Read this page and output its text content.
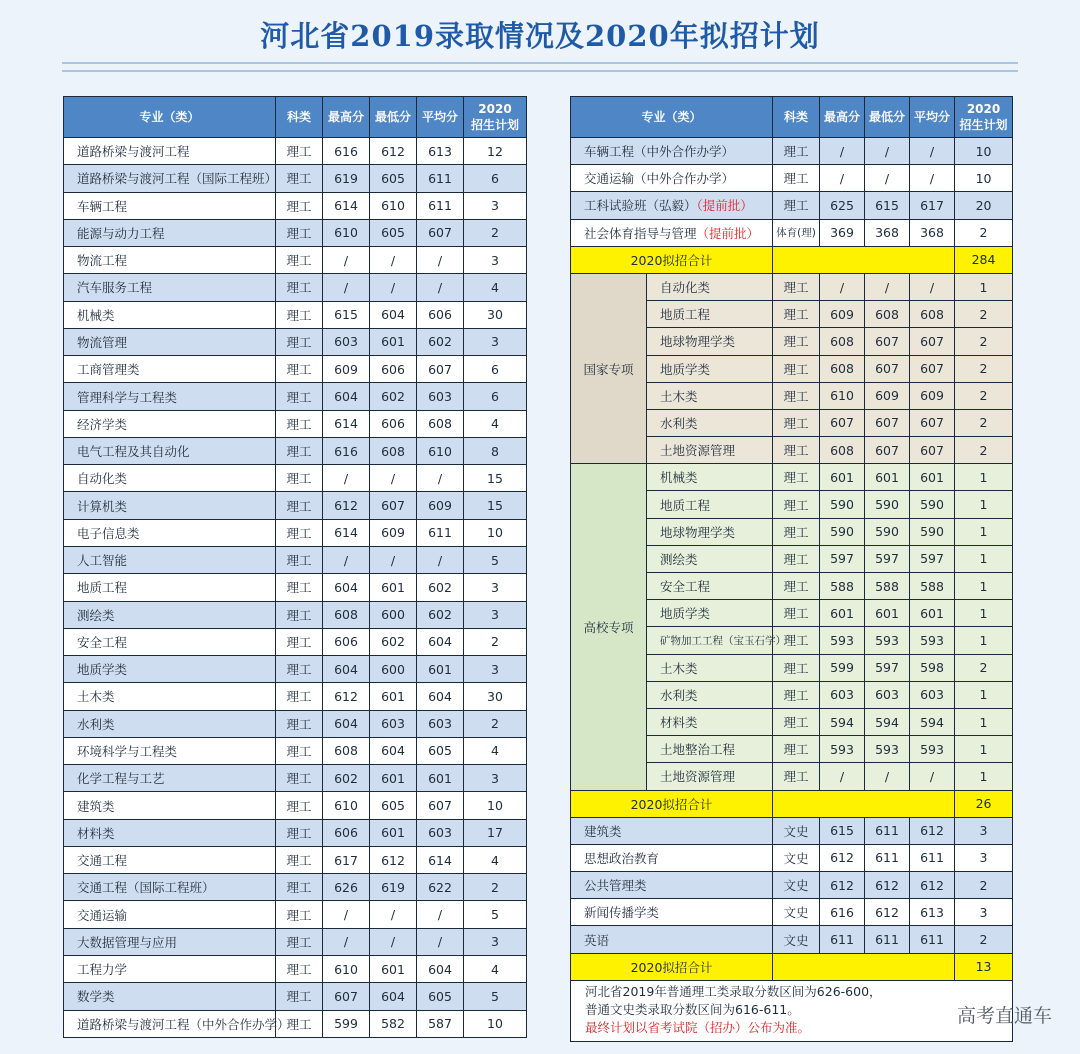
河北省2019录取情况及2020年拟招计划
专业（类）	科类	最高分	最低分	平均分	2020
招生计划
道路桥梁与渡河工程	理工	616	612	613	12
道路桥梁与渡河工程（国际工程班）	理工	619	605	611	6
车辆工程	理工	614	610	611	3
能源与动力工程	理工	610	605	607	2
物流工程	理工	/	/	/	3
汽车服务工程	理工	/	/	/	4
机械类	理工	615	604	606	30
物流管理	理工	603	601	602	3
工商管理类	理工	609	606	607	6
管理科学与工程类	理工	604	602	603	6
经济学类	理工	614	606	608	4
电气工程及其自动化	理工	616	608	610	8
自动化类	理工	/	/	/	15
计算机类	理工	612	607	609	15
电子信息类	理工	614	609	611	10
人工智能	理工	/	/	/	5
地质工程	理工	604	601	602	3
测绘类	理工	608	600	602	3
安全工程	理工	606	602	604	2
地质学类	理工	604	600	601	3
土木类	理工	612	601	604	30
水利类	理工	604	603	603	2
环境科学与工程类	理工	608	604	605	4
化学工程与工艺	理工	602	601	601	3
建筑类	理工	610	605	607	10
材料类	理工	606	601	603	17
交通工程	理工	617	612	614	4
交通工程（国际工程班）	理工	626	619	622	2
交通运输	理工	/	/	/	5
大数据管理与应用	理工	/	/	/	3
工程力学	理工	610	601	604	4
数学类	理工	607	604	605	5
道路桥梁与渡河工程（中外合作办学）	理工	599	582	587	10
专业（类）		科类	最高分	最低分	平均分	2020
招生计划
车辆工程（中外合作办学）		理工	/	/	/	10
交通运输（中外合作办学）		理工	/	/	/	10
工科试验班（弘毅）（提前批）		理工	625	615	617	20
社会体育指导与管理（提前批）		体育(理)	369	368	368	2
2020拟招合计						284
国家专项	自动化类	理工	/	/	/	1
	地质工程	理工	609	608	608	2
	地球物理学类	理工	608	607	607	2
	地质学类	理工	608	607	607	2
	土木类	理工	610	609	609	2
	水利类	理工	607	607	607	2
	土地资源管理	理工	608	607	607	2
高校专项	机械类	理工	601	601	601	1
	地质工程	理工	590	590	590	1
	地球物理学类	理工	590	590	590	1
	测绘类	理工	597	597	597	1
	安全工程	理工	588	588	588	1
	地质学类	理工	601	601	601	1
	矿物加工工程（宝玉石学）	理工	593	593	593	1
	土木类	理工	599	597	598	2
	水利类	理工	603	603	603	1
	材料类	理工	594	594	594	1
	土地整治工程	理工	593	593	593	1
	土地资源管理	理工	/	/	/	1
2020拟招合计						26
建筑类		文史	615	611	612	3
思想政治教育		文史	612	611	611	3
公共管理类		文史	612	612	612	2
新闻传播学类		文史	616	612	613	3
英语		文史	611	611	611	2
2020拟招合计						13

河北省2019年普通理工类录取分数区间为626-600，
普通文史类录取分数区间为616-611。
最终计划以省考试院（招办）公布为准。						
高考直通车
